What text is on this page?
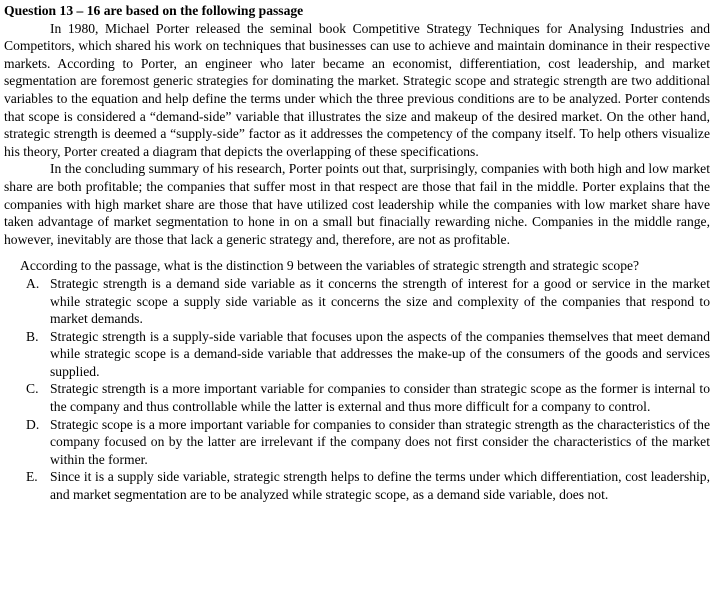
Question 13 – 16 are based on the following passage

In 1980, Michael Porter released the seminal book Competitive Strategy Techniques for Analysing Industries and Competitors, which shared his work on techniques that businesses can use to achieve and maintain dominance in their respective markets. According to Porter, an engineer who later became an economist, differentiation, cost leadership, and market segmentation are foremost generic strategies for dominating the market. Strategic scope and strategic strength are two additional variables to the equation and help define the terms under which the three previous conditions are to be analyzed. Porter contends that scope is considered a “demand-side” variable that illustrates the size and makeup of the desired market. On the other hand, strategic strength is deemed a “supply-side” factor as it addresses the competency of the company itself. To help others visualize his theory, Porter created a diagram that depicts the overlapping of these specifications.

In the concluding summary of his research, Porter points out that, surprisingly, companies with both high and low market share are both profitable; the companies that suffer most in that respect are those that fail in the middle. Porter explains that the companies with high market share are those that have utilized cost leadership while the companies with low market share have taken advantage of market segmentation to hone in on a small but finacially rewarding niche. Companies in the middle range, however, inevitably are those that lack a generic strategy and, therefore, are not as profitable.

According to the passage, what is the distinction 9 between the variables of strategic strength and strategic scope?

A. Strategic strength is a demand side variable as it concerns the strength of interest for a good or service in the market while strategic scope a supply side variable as it concerns the size and complexity of the companies that respond to market demands.
B. Strategic strength is a supply-side variable that focuses upon the aspects of the companies themselves that meet demand while strategic scope is a demand-side variable that addresses the make-up of the consumers of the goods and services supplied.
C. Strategic strength is a more important variable for companies to consider than strategic scope as the former is internal to the company and thus controllable while the latter is external and thus more difficult for a company to control.
D. Strategic scope is a more important variable for companies to consider than strategic strength as the characteristics of the company focused on by the latter are irrelevant if the company does not first consider the characteristics of the market within the former.
E. Since it is a supply side variable, strategic strength helps to define the terms under which differentiation, cost leadership, and market segmentation are to be analyzed while strategic scope, as a demand side variable, does not.
